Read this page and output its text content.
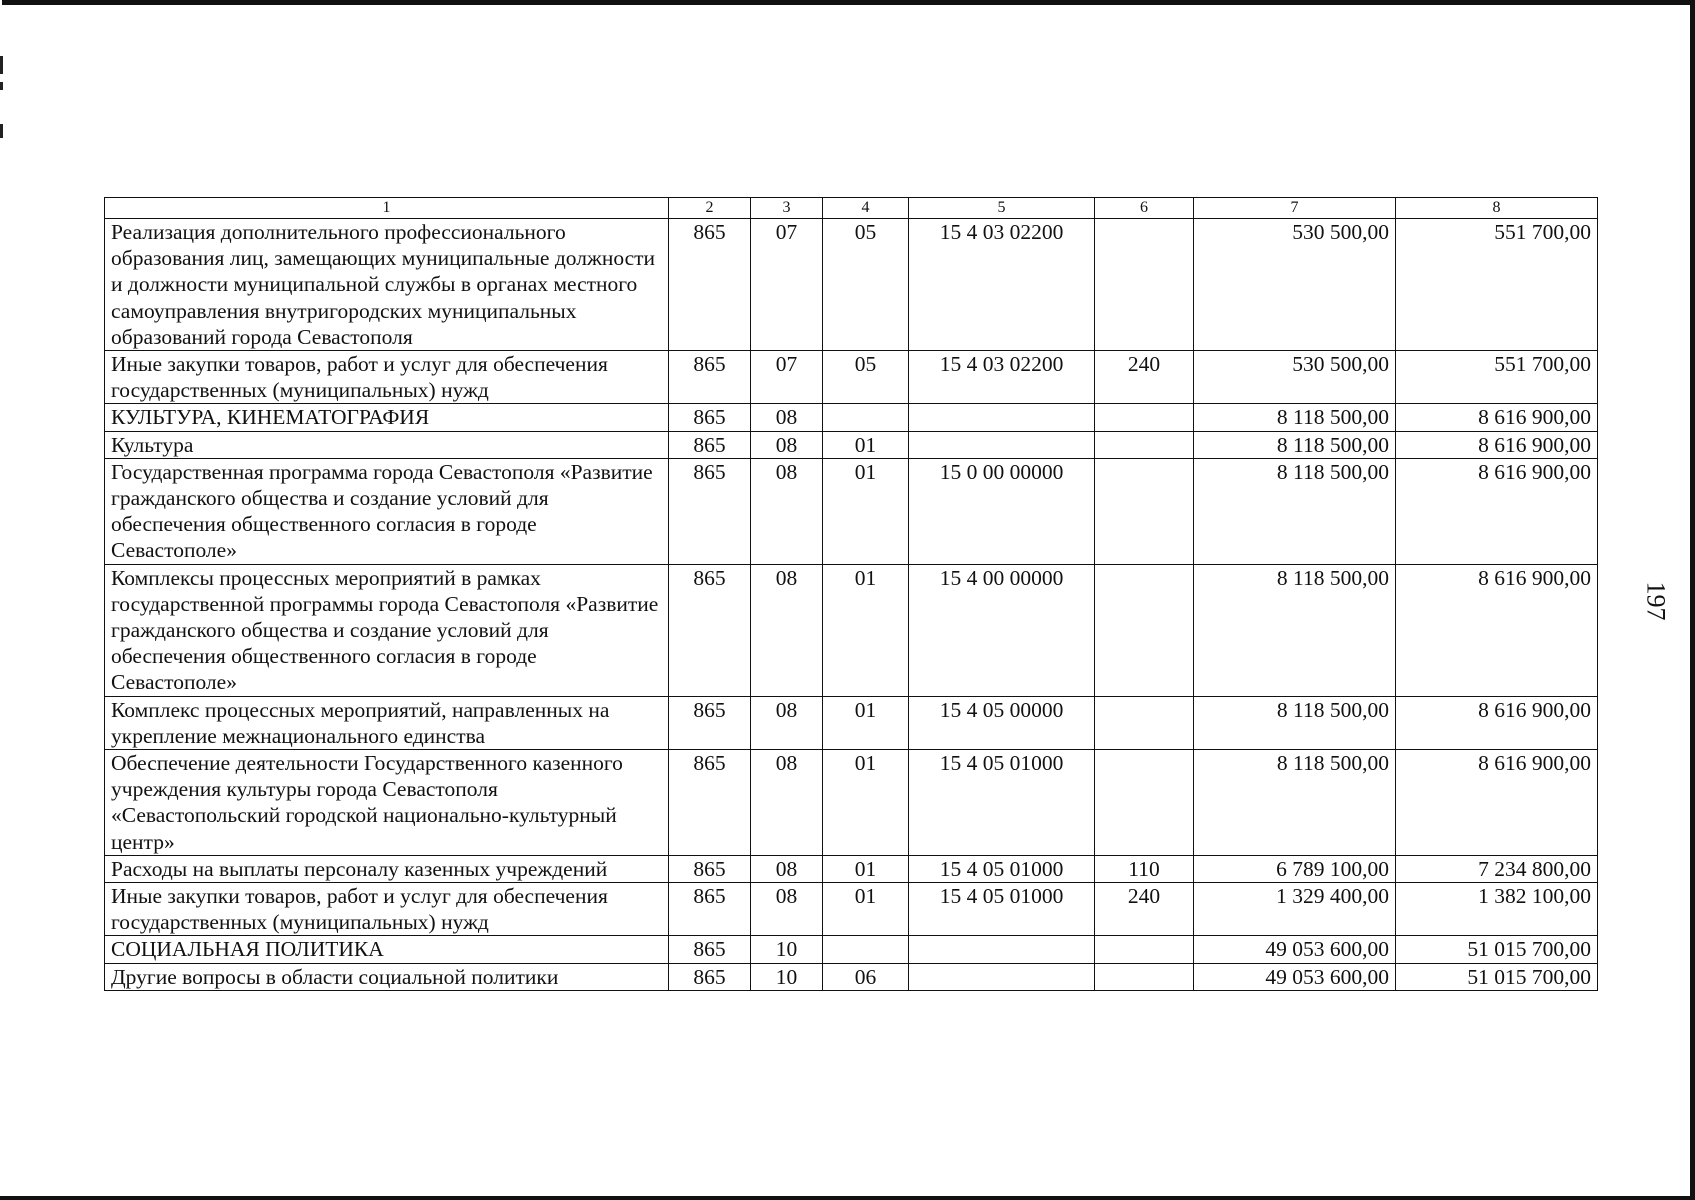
197
1	2	3	4	5	6	7	8
Реализация дополнительного профессионального образования лиц, замещающих муниципальные должности и должности муниципальной службы в органах местного самоуправления внутригородских муниципальных образований города Севастополя	865	07	05	15 4 03 02200		530 500,00	551 700,00
Иные закупки товаров, работ и услуг для обеспечения государственных (муниципальных) нужд	865	07	05	15 4 03 02200	240	530 500,00	551 700,00
КУЛЬТУРА, КИНЕМАТОГРАФИЯ	865	08				8 118 500,00	8 616 900,00
Культура	865	08	01			8 118 500,00	8 616 900,00
Государственная программа города Севастополя «Развитие гражданского общества и создание условий для обеспечения общественного согласия в городе Севастополе»	865	08	01	15 0 00 00000		8 118 500,00	8 616 900,00
Комплексы процессных мероприятий в рамках государственной программы города Севастополя «Развитие гражданского общества и создание условий для обеспечения общественного согласия в городе Севастополе»	865	08	01	15 4 00 00000		8 118 500,00	8 616 900,00
Комплекс процессных мероприятий, направленных на укрепление межнационального единства	865	08	01	15 4 05 00000		8 118 500,00	8 616 900,00
Обеспечение деятельности Государственного казенного учреждения культуры города Севастополя «Севастопольский городской национально-культурный центр»	865	08	01	15 4 05 01000		8 118 500,00	8 616 900,00
Расходы на выплаты персоналу казенных учреждений	865	08	01	15 4 05 01000	110	6 789 100,00	7 234 800,00
Иные закупки товаров, работ и услуг для обеспечения государственных (муниципальных) нужд	865	08	01	15 4 05 01000	240	1 329 400,00	1 382 100,00
СОЦИАЛЬНАЯ ПОЛИТИКА	865	10				49 053 600,00	51 015 700,00
Другие вопросы в области социальной политики	865	10	06			49 053 600,00	51 015 700,00
